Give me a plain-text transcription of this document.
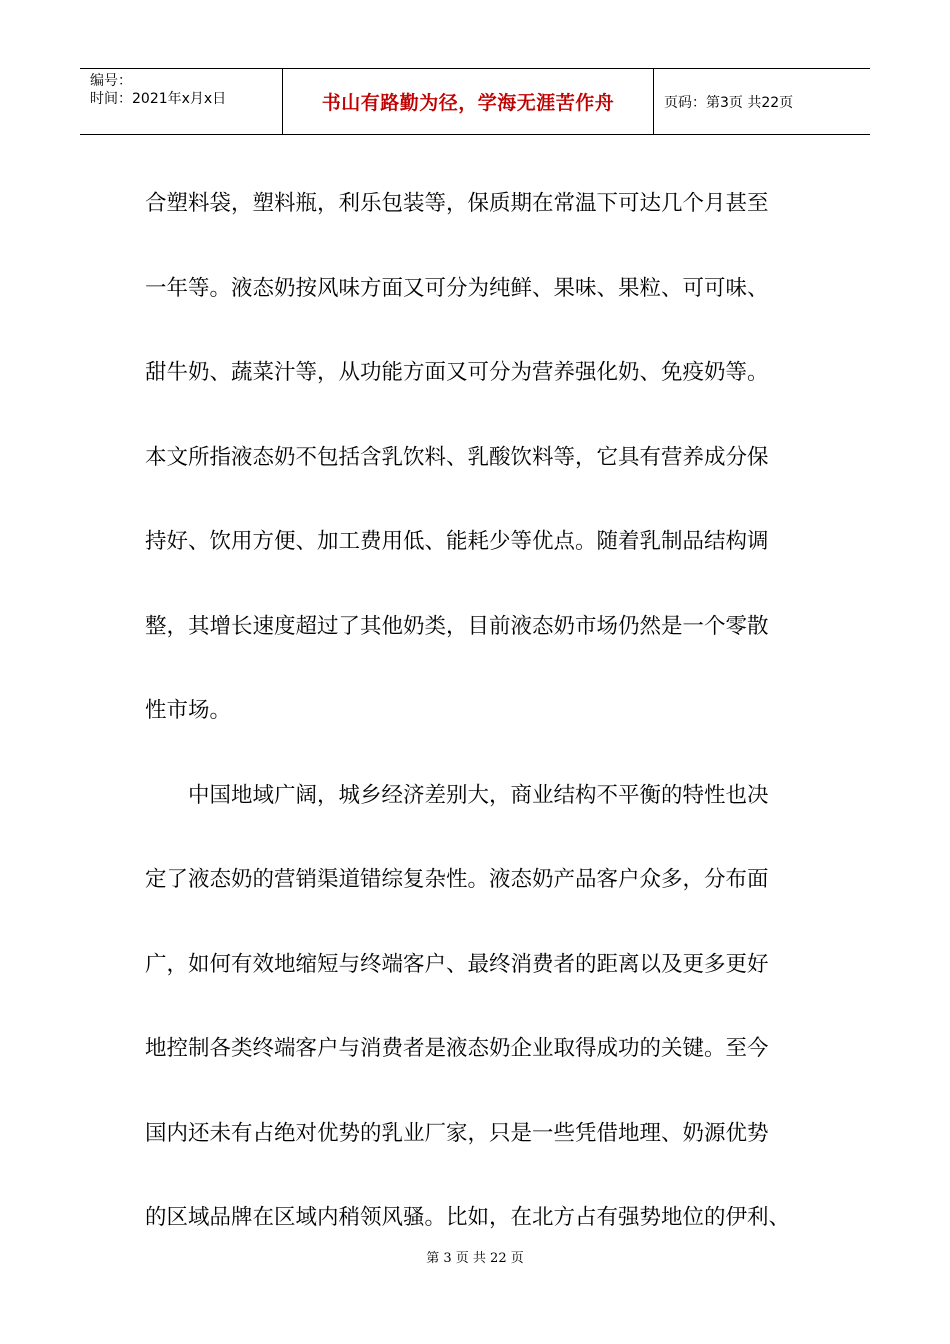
编号：
时间：2021年x月x日	书山有路勤为径，学海无涯苦作舟	页码：第3页 共22页

合塑料袋，塑料瓶，利乐包装等，保质期在常温下可达几个月甚至

一年等。液态奶按风味方面又可分为纯鲜、果味、果粒、可可味、

甜牛奶、蔬菜汁等，从功能方面又可分为营养强化奶、免疫奶等。

本文所指液态奶不包括含乳饮料、乳酸饮料等，它具有营养成分保

持好、饮用方便、加工费用低、能耗少等优点。随着乳制品结构调

整，其增长速度超过了其他奶类，目前液态奶市场仍然是一个零散

性市场。

　　中国地域广阔，城乡经济差别大，商业结构不平衡的特性也决

定了液态奶的营销渠道错综复杂性。液态奶产品客户众多，分布面

广，如何有效地缩短与终端客户、最终消费者的距离以及更多更好

地控制各类终端客户与消费者是液态奶企业取得成功的关键。至今

国内还未有占绝对优势的乳业厂家，只是一些凭借地理、奶源优势

的区域品牌在区域内稍领风骚。比如，在北方占有强势地位的伊利、

第 3 页 共 22 页
